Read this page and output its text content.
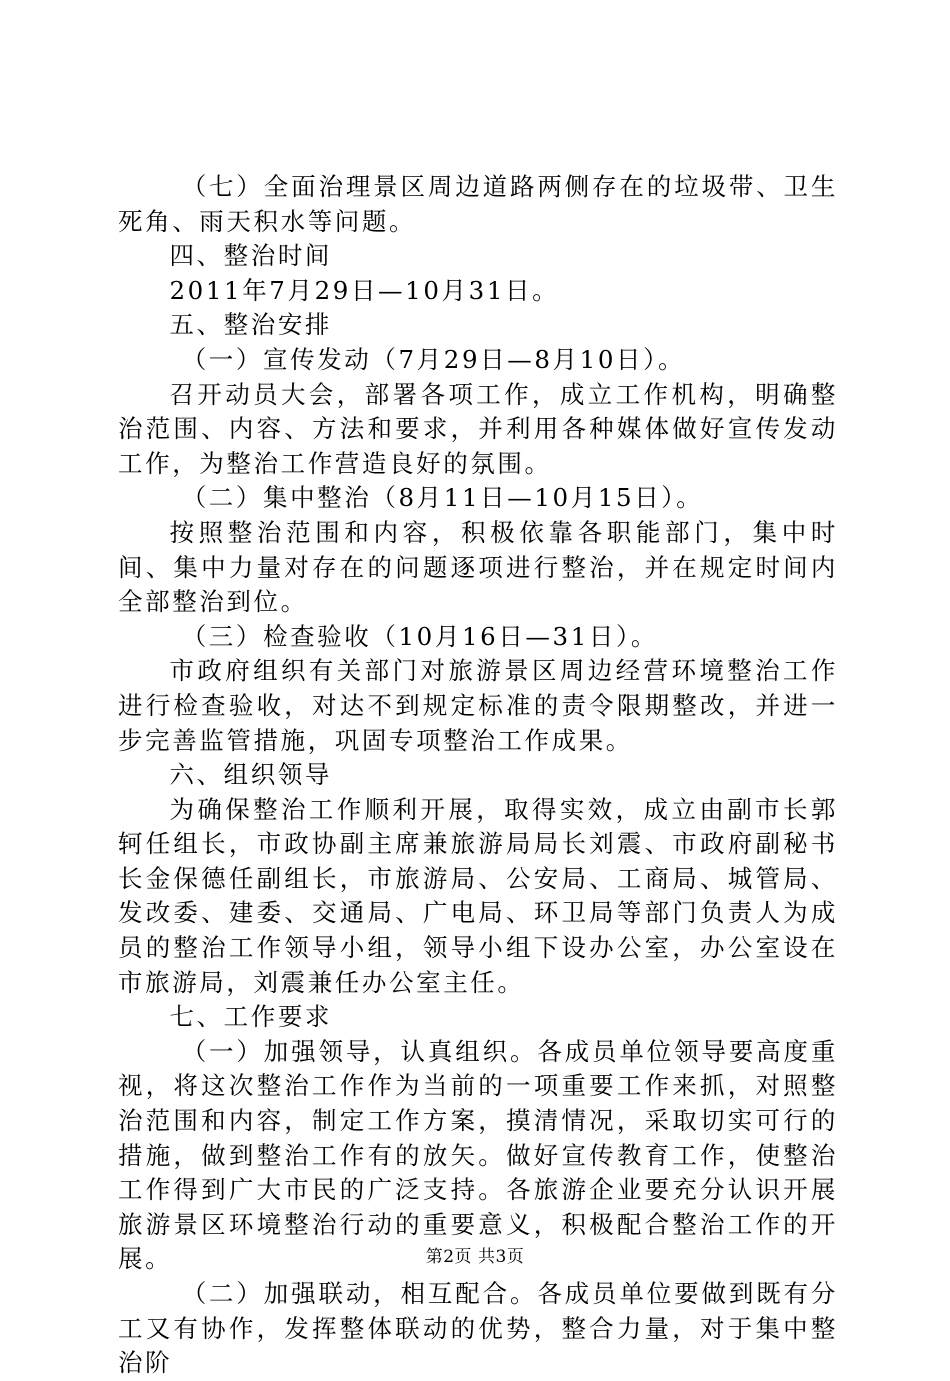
（七）全面治理景区周边道路两侧存在的垃圾带、卫生死角、雨天积水等问题。

四、整治时间

2011年7月29日—10月31日。

五、整治安排

（一）宣传发动（7月29日—8月10日）。

召开动员大会，部署各项工作，成立工作机构，明确整治范围、内容、方法和要求，并利用各种媒体做好宣传发动工作，为整治工作营造良好的氛围。

（二）集中整治（8月11日—10月15日）。

按照整治范围和内容，积极依靠各职能部门，集中时间、集中力量对存在的问题逐项进行整治，并在规定时间内全部整治到位。

（三）检查验收（10月16日—31日）。

市政府组织有关部门对旅游景区周边经营环境整治工作进行检查验收，对达不到规定标准的责令限期整改，并进一步完善监管措施，巩固专项整治工作成果。

六、组织领导

为确保整治工作顺利开展，取得实效，成立由副市长郭轲任组长，市政协副主席兼旅游局局长刘震、市政府副秘书长金保德任副组长，市旅游局、公安局、工商局、城管局、发改委、建委、交通局、广电局、环卫局等部门负责人为成员的整治工作领导小组，领导小组下设办公室，办公室设在市旅游局，刘震兼任办公室主任。

七、工作要求

（一）加强领导，认真组织。各成员单位领导要高度重视，将这次整治工作作为当前的一项重要工作来抓，对照整治范围和内容，制定工作方案，摸清情况，采取切实可行的措施，做到整治工作有的放矢。做好宣传教育工作，使整治工作得到广大市民的广泛支持。各旅游企业要充分认识开展旅游景区环境整治行动的重要意义，积极配合整治工作的开展。

（二）加强联动，相互配合。各成员单位要做到既有分工又有协作，发挥整体联动的优势，整合力量，对于集中整治阶

第2页 共3页
